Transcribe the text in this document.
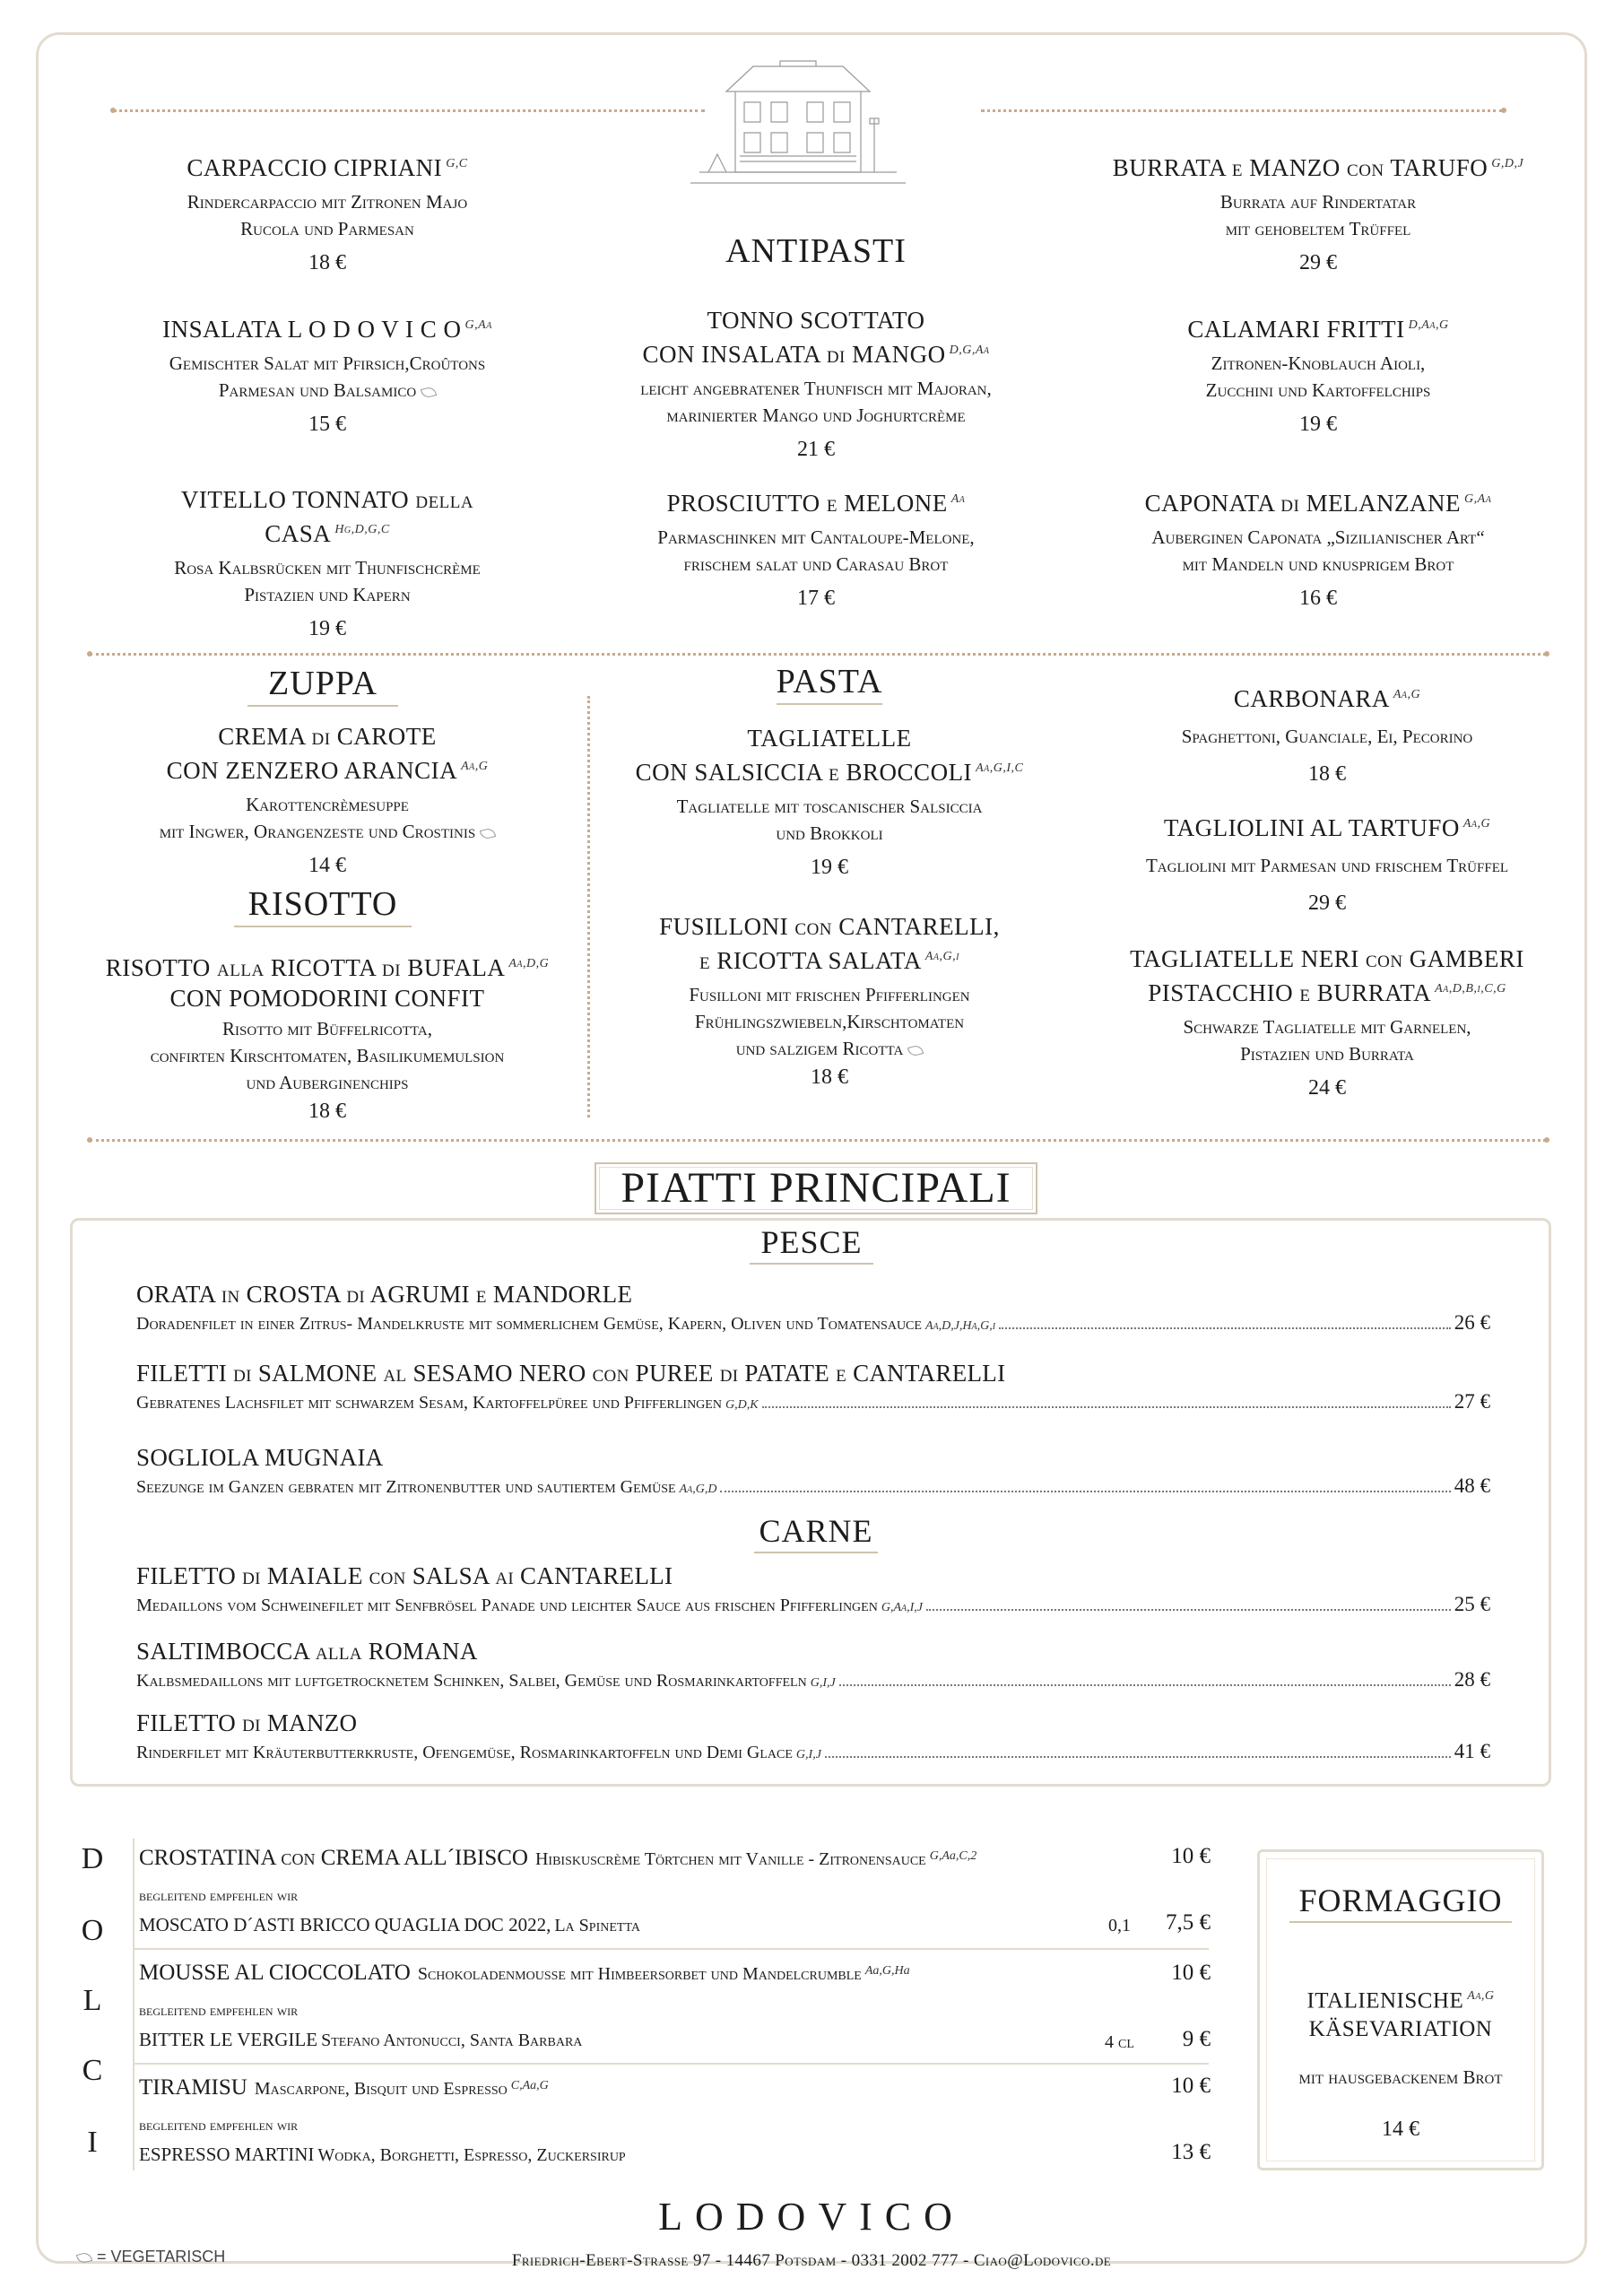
ANTIPASTI
CARPACCIO CIPRIANI $^{G,C}$
Rindercarpaccio mit Zitronen Majo
Rucola und Parmesan
18 €
INSALATA L O D O V I C O $^{G,Aa}$
Gemischter Salat mit Pfirsich,Croûtons
Parmesan und Balsamico
15 €
VITELLO TONNATO della CASA $^{Hg,D,G,C}$
Rosa Kalbsrücken mit Thunfischcrème
Pistazien und Kapern
19 €
TONNO SCOTTATO
CON INSALATA di MANGO $^{D,G,Aa}$
leicht angebratener Thunfisch mit Majoran,
marinierter Mango und Joghurtcrème
21 €
PROSCIUTTO e MELONE $^{Aa}$
Parmaschinken mit Cantaloupe-Melone,
frischem salat und Carasau Brot
17 €
BURRATA e MANZO con TARUFO $^{G,D,J}$
Burrata auf Rindertatar
mit gehobeltem Trüffel
29 €
CALAMARI FRITTI $^{D,Aa,G}$
Zitronen-Knoblauch Aioli,
Zucchini und Kartoffelchips
19 €
CAPONATA di MELANZANE $^{G,Aa}$
Auberginen Caponata „Sizilianischer Art“
mit Mandeln und knusprigem Brot
16 €
ZUPPA
CREMA di CAROTE
CON ZENZERO ARANCIA $^{Aa,G}$
Karottencrèmesuppe
mit Ingwer, Orangenzeste und Crostinis
14 €
RISOTTO
RISOTTO alla RICOTTA di BUFALA $^{Aa,D,G}$
CON POMODORINI CONFIT
Risotto mit Büffelricotta,
confirten Kirschtomaten, Basilikumemulsion
und Auberginenchips
18 €
PASTA
TAGLIATELLE
CON SALSICCIA e BROCCOLI $^{Aa,G,I,C}$
Tagliatelle mit toscanischer Salsiccia
und Brokkoli
19 €
FUSILLONI con CANTARELLI,
e RICOTTA SALATA $^{Aa,G,i}$
Fusilloni mit frischen Pfifferlingen
Frühlingszwiebeln,Kirschtomaten
und salzigem Ricotta
18 €
CARBONARA $^{Aa,G}$
Spaghettoni, Guanciale, Ei, Pecorino
18 €
TAGLIOLINI AL TARTUFO $^{Aa,G}$
Tagliolini mit Parmesan und frischem Trüffel
29 €
TAGLIATELLE NERI con GAMBERI
PISTACCHIO e BURRATA $^{Aa,D,B,i,C,G}$
Schwarze Tagliatelle mit Garnelen,
Pistazien und Burrata
24 €
PIATTI PRINCIPALI
PESCE
ORATA in CROSTA di AGRUMI e MANDORLE
Doradenfilet in einer Zitrus- Mandelkruste mit sommerlichem Gemüse, Kapern, Oliven und Tomatensauce Aa,D,J,Ha,G,i	26 €
FILETTI di SALMONE al SESAMO NERO con PUREE di PATATE e CANTARELLI
Gebratenes Lachsfilet mit schwarzem Sesam, Kartoffelpüree und Pfifferlingen G,D,K	27 €
SOGLIOLA MUGNAIA
Seezunge im Ganzen gebraten mit Zitronenbutter und sautiertem Gemüse Aa,G,D	48 €
CARNE
FILETTO di MAIALE con SALSA ai CANTARELLI
Medaillons vom Schweinefilet mit Senfbrösel Panade und leichter Sauce aus frischen Pfifferlingen G,Aa,I,J	25 €
SALTIMBOCCA alla ROMANA
Kalbsmedaillons mit luftgetrocknetem Schinken, Salbei, Gemüse und Rosmarinkartoffeln G,I,J	28 €
FILETTO di MANZO
Rinderfilet mit Kräuterbutterkruste, Ofengemüse, Rosmarinkartoffeln und Demi Glace G,I,J	41 €
D
O
L
C
I
CROSTATINA con CREMA ALL´IBISCO Hibiskuscrème Törtchen mit Vanille - Zitronensauce $^{G,Aa,C,2}$	10 €
begleitend empfehlen wir
MOSCATO D´ASTI BRICCO QUAGLIA DOC 2022, La Spinetta	0,1	7,5 €
MOUSSE AL CIOCCOLATO Schokoladenmousse mit Himbeersorbet und Mandelcrumble $^{Aa,G,Ha}$	10 €
begleitend empfehlen wir
BITTER LE VERGILE Stefano Antonucci, Santa Barbara	4 cl	9 €
TIRAMISU Mascarpone, Bisquit und Espresso $^{C,Aa,G}$	10 €
begleitend empfehlen wir
ESPRESSO MARTINI Wodka, Borghetti, Espresso, Zuckersirup	13 €
FORMAGGIO
ITALIENISCHE $^{Aa,G}$
KÄSEVARIATION
mit hausgebackenem Brot
14 €
LODOVICO
Friedrich-Ebert-Strasse 97 - 14467 Potsdam - 0331 2002 777 - Ciao@Lodovico.de
= VEGETARISCH
